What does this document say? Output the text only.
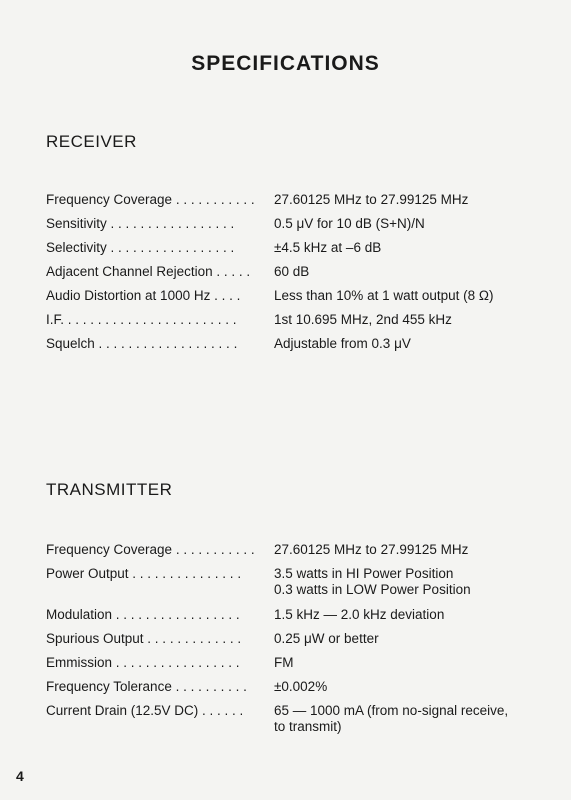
SPECIFICATIONS
RECEIVER
Frequency Coverage . . . . . . . . . . .	27.60125 MHz to 27.99125 MHz
Sensitivity . . . . . . . . . . . . . . . . .	0.5 μV for 10 dB (S+N)/N
Selectivity . . . . . . . . . . . . . . . . .	±4.5 kHz at –6 dB
Adjacent Channel Rejection . . . . .	60 dB
Audio Distortion at 1000 Hz . . . .	Less than 10% at 1 watt output (8 Ω)
I.F. . . . . . . . . . . . . . . . . . . . . . . .	1st 10.695 MHz, 2nd 455 kHz
Squelch . . . . . . . . . . . . . . . . . . .	Adjustable from 0.3 μV
TRANSMITTER
Frequency Coverage . . . . . . . . . . .	27.60125 MHz to 27.99125 MHz
Power Output . . . . . . . . . . . . . . .	3.5 watts in HI Power Position
0.3 watts in LOW Power Position
Modulation . . . . . . . . . . . . . . . . .	1.5 kHz — 2.0 kHz deviation
Spurious Output . . . . . . . . . . . . .	0.25 μW or better
Emmission . . . . . . . . . . . . . . . . .	FM
Frequency Tolerance . . . . . . . . . .	±0.002%
Current Drain (12.5V DC) . . . . . .	65 — 1000 mA (from no-signal receive,
to transmit)
4
